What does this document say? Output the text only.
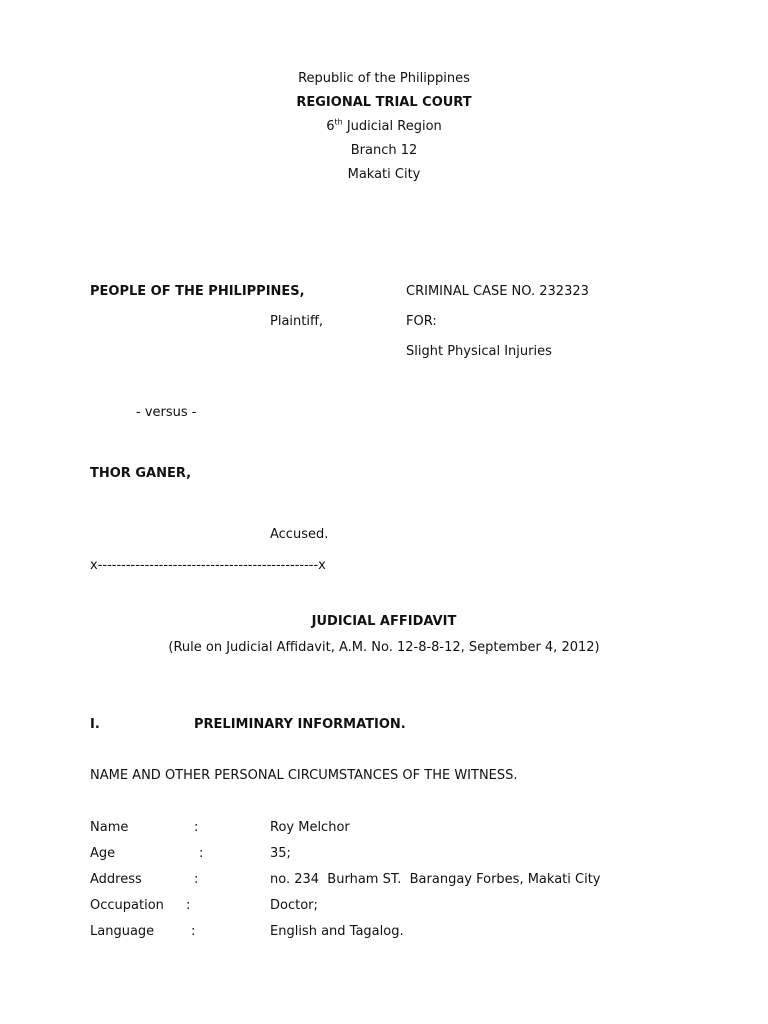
Republic of the Philippines
REGIONAL TRIAL COURT
6th Judicial Region
Branch 12
Makati City
PEOPLE OF THE PHILIPPINES,	CRIMINAL CASE NO. 232323
Plaintiff,	FOR:
Slight Physical Injuries
- versus -
THOR GANER,
Accused.
x-----------------------------------------------x
JUDICIAL AFFIDAVIT
(Rule on Judicial Affidavit, A.M. No. 12-8-8-12, September 4, 2012)
I.	PRELIMINARY INFORMATION.
NAME AND OTHER PERSONAL CIRCUMSTANCES OF THE WITNESS.
Name	:	Roy Melchor
Age	:	35;
Address	:	no. 234  Burham ST.  Barangay Forbes, Makati City
Occupation :	Doctor;
Language	:	English and Tagalog.
